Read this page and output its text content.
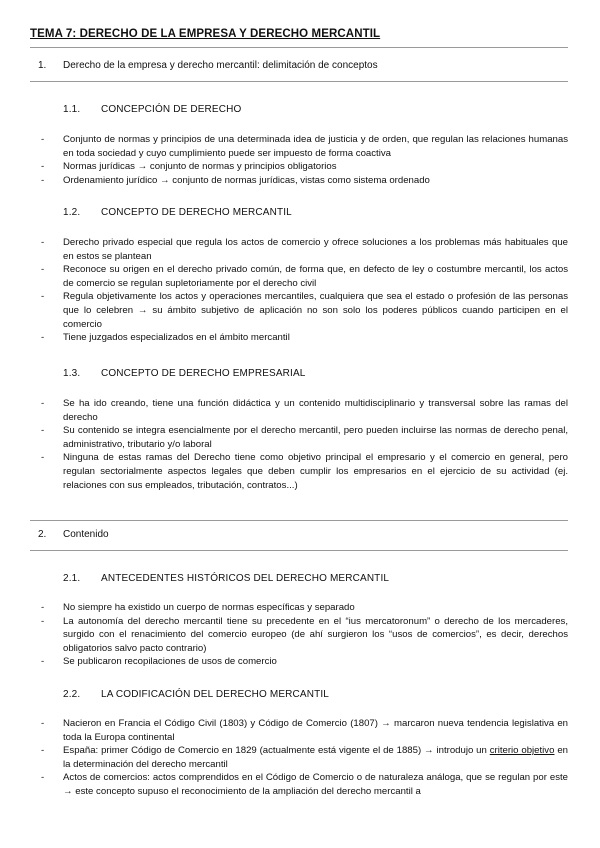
TEMA 7: DERECHO DE LA EMPRESA Y DERECHO MERCANTIL
1. Derecho de la empresa y derecho mercantil: delimitación de conceptos
1.1. CONCEPCIÓN DE DERECHO
- Conjunto de normas y principios de una determinada idea de justicia y de orden, que regulan las relaciones humanas en toda sociedad y cuyo cumplimiento puede ser impuesto de forma coactiva
- Normas jurídicas → conjunto de normas y principios obligatorios
- Ordenamiento jurídico → conjunto de normas jurídicas, vistas como sistema ordenado
1.2. CONCEPTO DE DERECHO MERCANTIL
- Derecho privado especial que regula los actos de comercio y ofrece soluciones a los problemas más habituales que en estos se plantean
- Reconoce su origen en el derecho privado común, de forma que, en defecto de ley o costumbre mercantil, los actos de comercio se regulan supletoriamente por el derecho civil
- Regula objetivamente los actos y operaciones mercantiles, cualquiera que sea el estado o profesión de las personas que lo celebren → su ámbito subjetivo de aplicación no son solo los poderes públicos cuando participen en el comercio
- Tiene juzgados especializados en el ámbito mercantil
1.3. CONCEPTO DE DERECHO EMPRESARIAL
- Se ha ido creando, tiene una función didáctica y un contenido multidisciplinario y transversal sobre las ramas del derecho
- Su contenido se integra esencialmente por el derecho mercantil, pero pueden incluirse las normas de derecho penal, administrativo, tributario y/o laboral
- Ninguna de estas ramas del Derecho tiene como objetivo principal el empresario y el comercio en general, pero regulan sectorialmente aspectos legales que deben cumplir los empresarios en el ejercicio de su actividad (ej. relaciones con sus empleados, tributación, contratos...)
2. Contenido
2.1. ANTECEDENTES HISTÓRICOS DEL DERECHO MERCANTIL
- No siempre ha existido un cuerpo de normas específicas y separado
- La autonomía del derecho mercantil tiene su precedente en el “ius mercatoronum” o derecho de los mercaderes, surgido con el renacimiento del comercio europeo (de ahí surgieron los “usos de comercios”, es decir, derechos obligatorios salvo pacto contrario)
- Se publicaron recopilaciones de usos de comercio
2.2. LA CODIFICACIÓN DEL DERECHO MERCANTIL
- Nacieron en Francia el Código Civil (1803) y Código de Comercio (1807) → marcaron nueva tendencia legislativa en toda la Europa continental
- España: primer Código de Comercio en 1829 (actualmente está vigente el de 1885) → introdujo un criterio objetivo en la determinación del derecho mercantil
- Actos de comercios: actos comprendidos en el Código de Comercio o de naturaleza análoga, que se regulan por este → este concepto supuso el reconocimiento de la ampliación del derecho mercantil a
